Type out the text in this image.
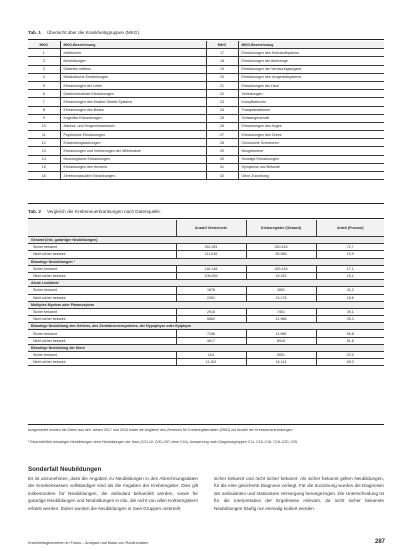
Tab. 1 Übersicht über die Krankheitsgruppen (MKG).
MKG	MKG-Bezeichnung	MKG	MKG-Bezeichnung
1	Infektionen	17	Erkrankungen des Kreislaufsystems
2	Neubildungen	18	Erkrankungen der Atemwege
3	Diabetes mellitus	19	Erkrankungen der Verdauungsorgane
4	Metabolische Erkrankungen	20	Erkrankungen des Urogenitalsystems
5	Erkrankungen der Leber	21	Erkrankungen der Haut
6	Gastrointestinale Erkrankungen	22	Verletzungen
7	Erkrankungen des Muskel-Skelett-Systems	23	Komplikationen
8	Erkrankungen des Blutes	24	Transplantationen
9	Kognitive Erkrankungen	25	Schwangerschaft
10	Alkohol- und Drogenmissbrauch	26	Erkrankungen des Auges
11	Psychische Erkrankungen	27	Erkrankungen des Ohres
12	Entwicklungsstörungen	28	Chronische Schmerzen
13	Erkrankungen und Verletzungen der Wirbelsäule	29	Neugeborene
14	Neurologische Erkrankungen	30	Sonstige Erkrankungen
15	Erkrankungen des Herzens	31	Symptome und Befunde
16	Zerebrovaskuläre Erkrankungen	32	Ohne Zuordnung
Tab. 2 Vergleich der Krebsneuerkrankungen nach Datenquelle.
	Anzahl Versicherte	Krebsregister (Gesamt)	Anteil (Prozent)
Gesamt (inkl. gutartiger Neubildungen)			
Sicher bekannt	181.951	250.416	72,7
Nicht sicher bekannt	111.616	55.956	19,9
Bösartige Neubildungen ¹			
Sicher bekannt	118.148	263.416	17,1
Nicht sicher bekannt	106.699	19.181	15,1
Akute Leukämie			
Sicher bekannt	1876	4551	41,2
Nicht sicher bekannt	2451	13.176	18,6
Multiples Myelom oder Plasmozytom			
Sicher bekannt	2916	7461	39,1
Nicht sicher bekannt	5562	21.966	25,3
Bösartige Neubildung des Gehirns, des Zentralnervensystems, der Hypophyse oder Epiphyse			
Sicher bekannt	7156	11.966	59,8
Nicht sicher bekannt	4617	8916	51,8
Bösartige Neubildung der Niere			
Sicher bekannt	1111	5051	22,0
Nicht sicher bekannt	11.161	16.114	69,3
Ausgewertet wurden die Daten aus den Jahren 2017 und 2018 sowie die Angaben des Zentrums für Krebsregisterdaten (ZfKD) zur Anzahl der Krebsneuerkrankungen.
¹ Einschließlich bösartiger Neubildungen ohne Neubildungen der Haut (ICD-10: C00–C97 ohne C44), Auswertung nach Diagnosegruppen C11, C15–C16, C18–C20, C25.
Sonderfall Neubildungen
Es ist anzunehmen, dass die Angaben zu Neubildungen in den Abrechnungsdaten der Krankenkassen vollständiger sind als die Angaben der Krebsregister. Dies gilt insbesondere für Neubildungen, die ambulant behandelt werden, sowie für gutartige Neubildungen und Neubildungen in situ, die nicht von allen Krebsregistern erfasst werden. Daher wurden die Neubildungen in zwei Gruppen unterteilt:
sicher bekannt und nicht sicher bekannt. Als sicher bekannt gelten Neubildungen, für die eine gesicherte Diagnose vorliegt. Für die Zuordnung wurden die Diagnosen der ambulanten und stationären Versorgung herangezogen. Die Unterscheidung ist für die Interpretation der Ergebnisse relevant, da nicht sicher bekannte Neubildungen häufig nur einmalig kodiert werden.
Krankheitsgeschehen im Fokus – Analysen auf Basis von Routinedaten	287
